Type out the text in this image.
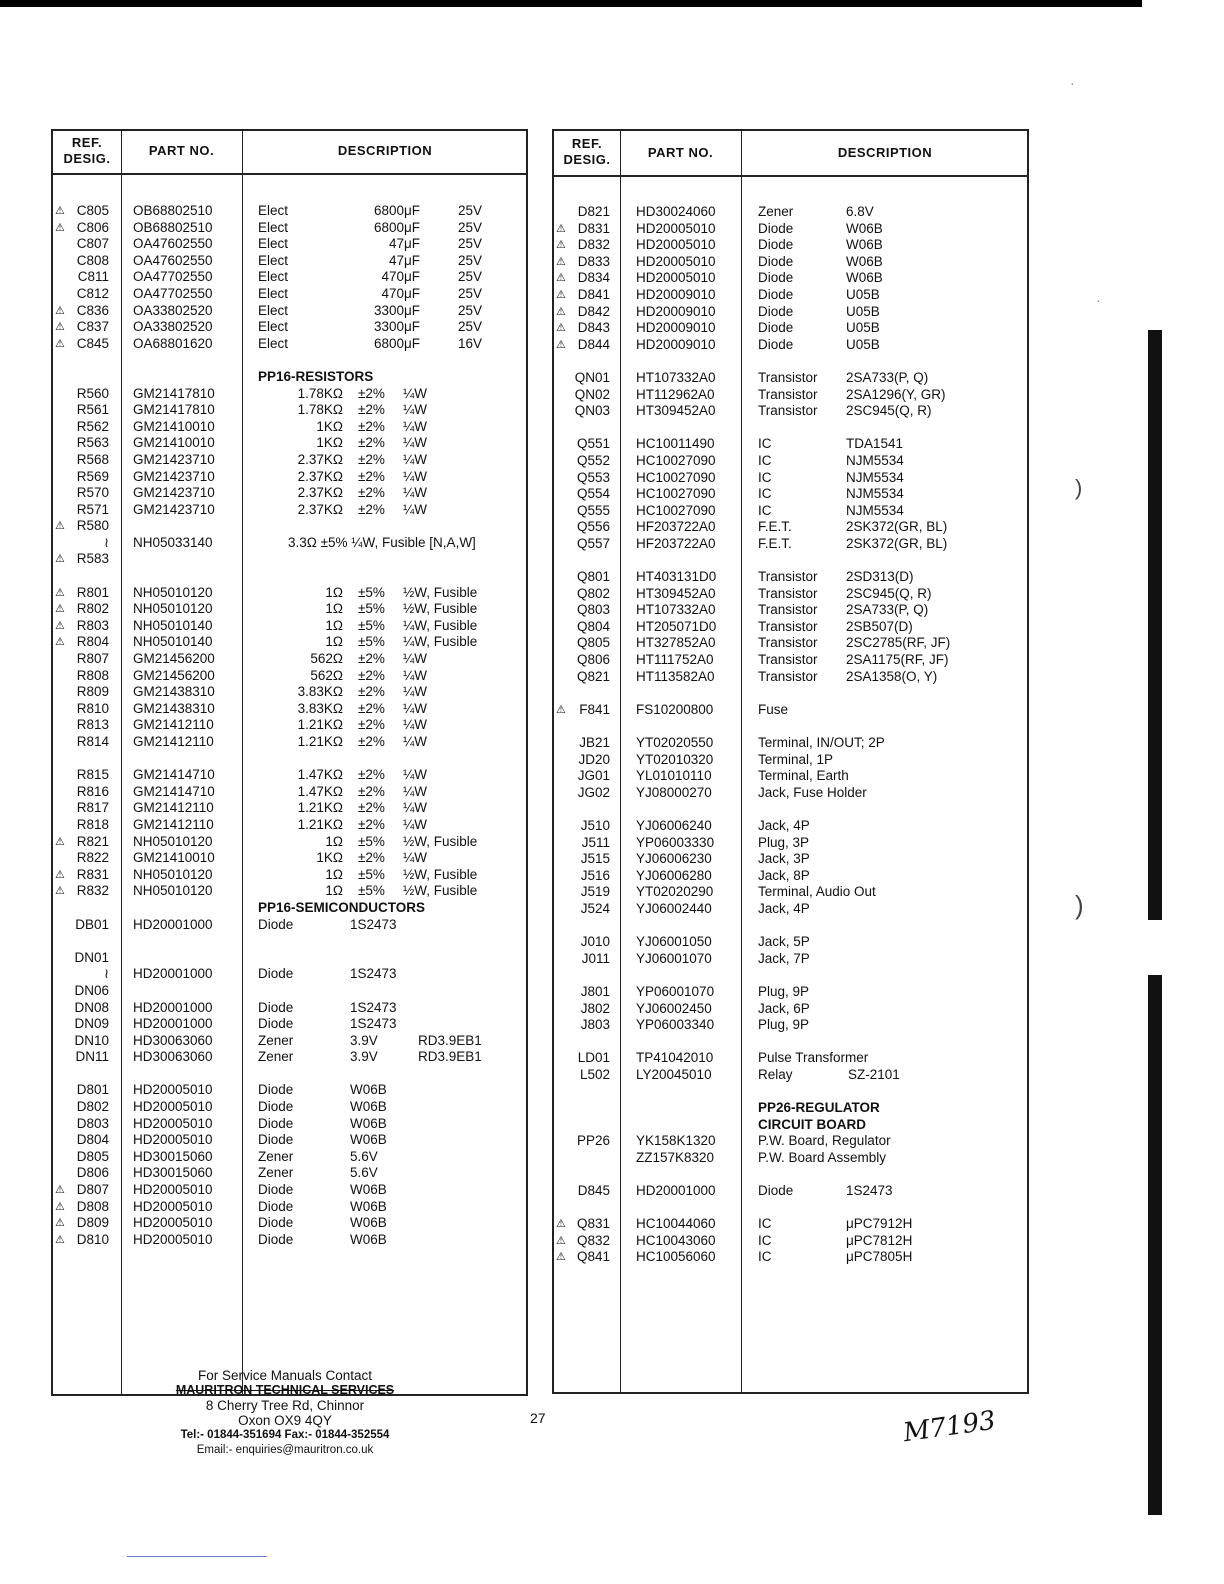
REF.
DESIG.
PART NO.	DESCRIPTION
⚠ C805 OB68802510	Elect	6800μF	25V
⚠ C806 OB68802510	Elect	6800μF	25V
C807 OA47602550	Elect	47μF	25V
C808 OA47602550	Elect	47μF	25V
C811 OA47702550	Elect	470μF	25V
C812 OA47702550	Elect	470μF	25V
⚠ C836 OA33802520	Elect	3300μF	25V
⚠ C837 OA33802520	Elect	3300μF	25V
⚠ C845 OA68801620	Elect	6800μF	16V
PP16-RESISTORS
R560 GM21417810	1.78KΩ ±2% ¼W
R561 GM21417810	1.78KΩ ±2% ¼W
R562 GM21410010	1KΩ ±2% ¼W
R563 GM21410010	1KΩ ±2% ¼W
R568 GM21423710	2.37KΩ ±2% ¼W
R569 GM21423710	2.37KΩ ±2% ¼W
R570 GM21423710	2.37KΩ ±2% ¼W
R571 GM21423710	2.37KΩ ±2% ¼W
⚠ R580
≀ NH05033140	3.3Ω ±5% ¼W, Fusible [N,A,W]
⚠ R583
⚠ R801 NH05010120	1Ω ±5% ½W, Fusible
⚠ R802 NH05010120	1Ω ±5% ½W, Fusible
⚠ R803 NH05010140	1Ω ±5% ¼W, Fusible
⚠ R804 NH05010140	1Ω ±5% ¼W, Fusible
R807 GM21456200	562Ω ±2% ¼W
R808 GM21456200	562Ω ±2% ¼W
R809 GM21438310	3.83KΩ ±2% ¼W
R810 GM21438310	3.83KΩ ±2% ¼W
R813 GM21412110	1.21KΩ ±2% ¼W
R814 GM21412110	1.21KΩ ±2% ¼W
R815 GM21414710	1.47KΩ ±2% ¼W
R816 GM21414710	1.47KΩ ±2% ¼W
R817 GM21412110	1.21KΩ ±2% ¼W
R818 GM21412110	1.21KΩ ±2% ¼W
⚠ R821 NH05010120	1Ω ±5% ½W, Fusible
R822 GM21410010	1KΩ ±2% ¼W
⚠ R831 NH05010120	1Ω ±5% ½W, Fusible
⚠ R832 NH05010120	1Ω ±5% ½W, Fusible
PP16-SEMICONDUCTORS
DB01 HD20001000	Diode	1S2473
DN01
≀ HD20001000	Diode	1S2473
DN06
DN08 HD20001000	Diode	1S2473
DN09 HD20001000	Diode	1S2473
DN10 HD30063060	Zener	3.9V	RD3.9EB1
DN11 HD30063060	Zener	3.9V	RD3.9EB1
D801 HD20005010	Diode	W06B
D802 HD20005010	Diode	W06B
D803 HD20005010	Diode	W06B
D804 HD20005010	Diode	W06B
D805 HD30015060	Zener	5.6V
D806 HD30015060	Zener	5.6V
⚠ D807 HD20005010	Diode	W06B
⚠ D808 HD20005010	Diode	W06B
⚠ D809 HD20005010	Diode	W06B
⚠ D810 HD20005010	Diode	W06B
REF.
DESIG.	PART NO.	DESCRIPTION
D821 HD30024060	Zener	6.8V
⚠ D831 HD20005010	Diode	W06B
⚠ D832 HD20005010	Diode	W06B
⚠ D833 HD20005010	Diode	W06B
⚠ D834 HD20005010	Diode	W06B
⚠ D841 HD20009010	Diode	U05B
⚠ D842 HD20009010	Diode	U05B
⚠ D843 HD20009010	Diode	U05B
⚠ D844 HD20009010	Diode	U05B
QN01 HT107332A0	Transistor 2SA733(P, Q)
QN02 HT112962A0	Transistor 2SA1296(Y, GR)
QN03 HT309452A0	Transistor 2SC945(Q, R)
Q551 HC10011490	IC	TDA1541
Q552 HC10027090	IC	NJM5534
Q553 HC10027090	IC	NJM5534
Q554 HC10027090	IC	NJM5534
Q555 HC10027090	IC	NJM5534
Q556 HF203722A0	F.E.T.	2SK372(GR, BL)
Q557 HF203722A0	F.E.T.	2SK372(GR, BL)
Q801 HT403131D0	Transistor 2SD313(D)
Q802 HT309452A0	Transistor 2SC945(Q, R)
Q803 HT107332A0	Transistor 2SA733(P, Q)
Q804 HT205071D0	Transistor 2SB507(D)
Q805 HT327852A0	Transistor 2SC2785(RF, JF)
Q806 HT111752A0	Transistor 2SA1175(RF, JF)
Q821 HT113582A0	Transistor 2SA1358(O, Y)
⚠ F841 FS10200800	Fuse
JB21 YT02020550	Terminal, IN/OUT; 2P
JD20 YT02010320	Terminal, 1P
JG01 YL01010110	Terminal, Earth
JG02 YJ08000270	Jack, Fuse Holder
J510 YJ06006240	Jack, 4P
J511 YP06003330	Plug, 3P
J515 YJ06006230	Jack, 3P
J516 YJ06006280	Jack, 8P
J519 YT02020290	Terminal, Audio Out
J524 YJ06002440	Jack, 4P
J010 YJ06001050	Jack, 5P
J011 YJ06001070	Jack, 7P
J801 YP06001070	Plug, 9P
J802 YJ06002450	Jack, 6P
J803 YP06003340	Plug, 9P
LD01 TP41042010	Pulse Transformer
L502 LY20045010	Relay	SZ-2101
PP26-REGULATOR
CIRCUIT BOARD
PP26 YK158K1320	P.W. Board, Regulator
ZZ157K8320	P.W. Board Assembly
D845 HD20001000	Diode	1S2473
⚠ Q831 HC10044060	IC	μPC7912H
⚠ Q832 HC10043060	IC	μPC7812H
⚠ Q841 HC10056060	IC	μPC7805H
For Service Manuals Contact
MAURITRON TECHNICAL SERVICES
8 Cherry Tree Rd, Chinnor
Oxon OX9 4QY
Tel:- 01844-351694 Fax:- 01844-352554
Email:- enquiries@mauritron.co.uk
27	M7193
·
·
)
)
